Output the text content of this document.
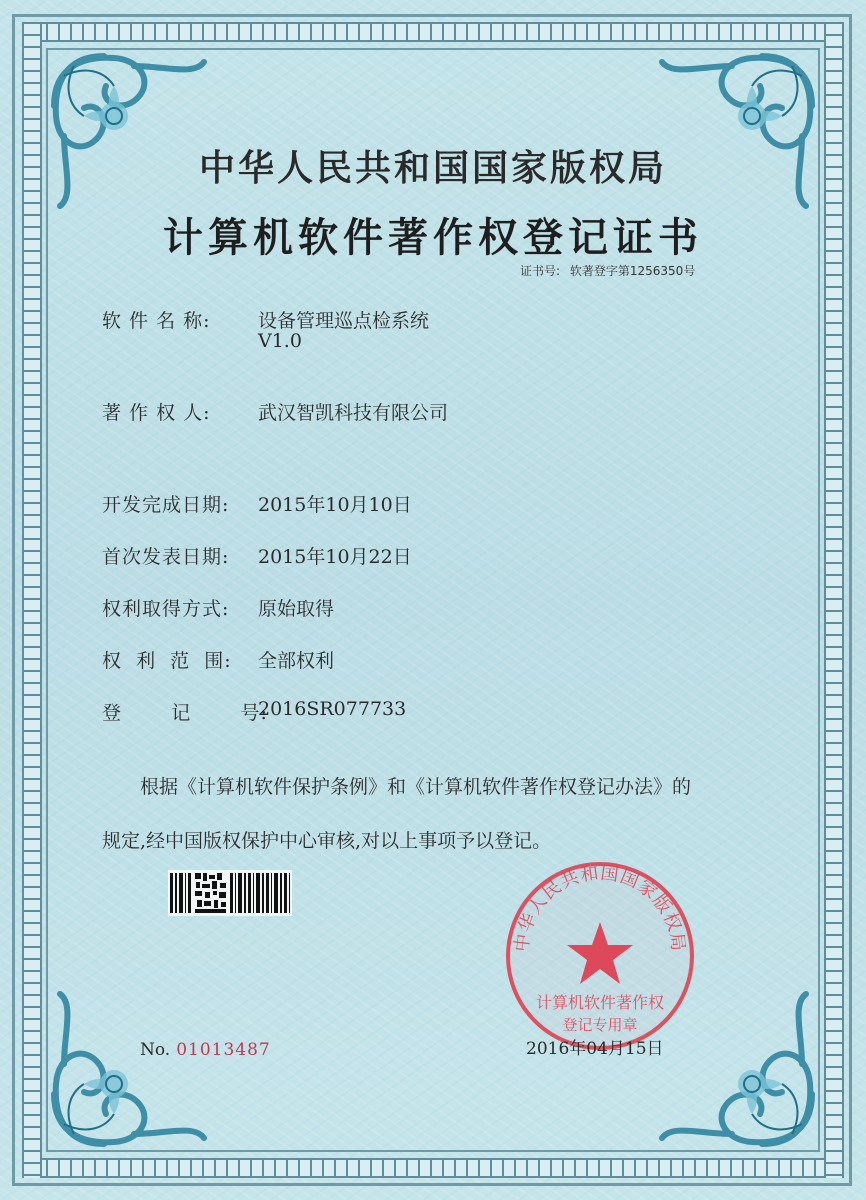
中华人民共和国国家版权局
计算机软件著作权登记证书
证书号: 软著登字第1256350号
软 件 名 称: 设备管理巡点检系统
V1.0
著 作 权 人: 武汉智凯科技有限公司
开发完成日期: 2015年10月10日
首次发表日期: 2015年10月22日
权利取得方式: 原始取得
权  利  范  围: 全部权利
登       记       号:
2016SR077733

根据《计算机软件保护条例》和《计算机软件著作权登记办法》的

规定,经中国版权保护中心审核,对以上事项予以登记。

No. 01013487
中华人民共和国国家版权局
计算机软件著作权
登记专用章
2016年04月15日
